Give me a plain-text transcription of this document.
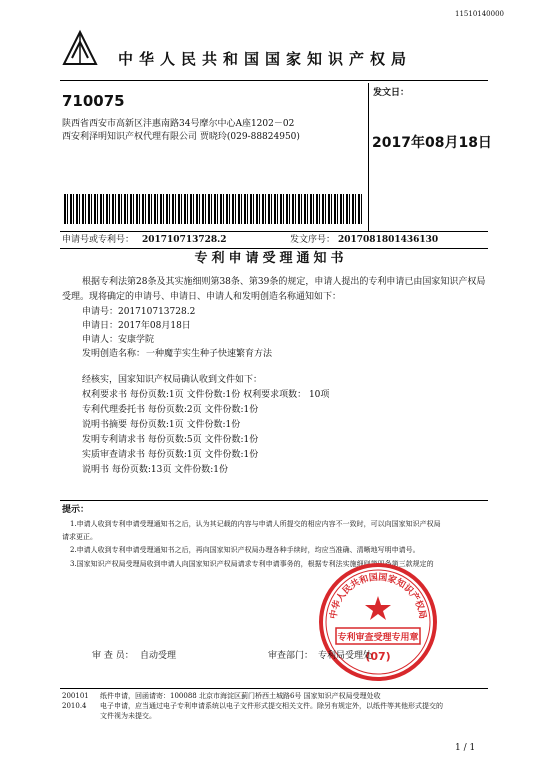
11510140000
中华人民共和国国家知识产权局
710075
陕西省西安市高新区沣惠南路34号摩尔中心A座1202－02
西安利泽明知识产权代理有限公司 贾晓玲(029-88824950)
发文日：
2017年08月18日
申请号或专利号： 201710713728.2	发文序号： 2017081801436130
专利申请受理通知书
根据专利法第28条及其实施细则第38条、第39条的规定，申请人提出的专利申请已由国家知识产权局
受理。现将确定的申请号、申请日、申请人和发明创造名称通知如下：
申请号：201710713728.2
申请日：2017年08月18日
申请人：安康学院
发明创造名称： 一种魔芋实生种子快速繁育方法
经核实，国家知识产权局确认收到文件如下：
权利要求书 每份页数:1页 文件份数:1份 权利要求项数： 10项
专利代理委托书 每份页数:2页 文件份数:1份
说明书摘要 每份页数:1页 文件份数:1份
发明专利请求书 每份页数:5页 文件份数:1份
实质审查请求书 每份页数:1页 文件份数:1份
说明书 每份页数:13页 文件份数:1份
提示：
1.申请人收到专利申请受理通知书之后，认为其记载的内容与申请人所提交的相应内容不一致时，可以向国家知识产权局
请求更正。
2.申请人收到专利申请受理通知书之后，再向国家知识产权局办理各种手续时，均应当准确、清晰地写明申请号。
3.国家知识产权局受理局收到申请人向国家知识产权局请求专利申请事务的，根据专利法实施细则第四条第三款规定的
中华人民共和国国家知识产权局
专利审查受理专用章
(07)
审 查 员： 自动受理	审查部门： 专利局受理处
200101
2010.4
纸件申请，回函请寄：100088 北京市海淀区蓟门桥西土城路6号 国家知识产权局受理处收
电子申请，应当通过电子专利申请系统以电子文件形式提交相关文件。除另有规定外，以纸件等其他形式提交的
文件视为未提交。
1 / 1
